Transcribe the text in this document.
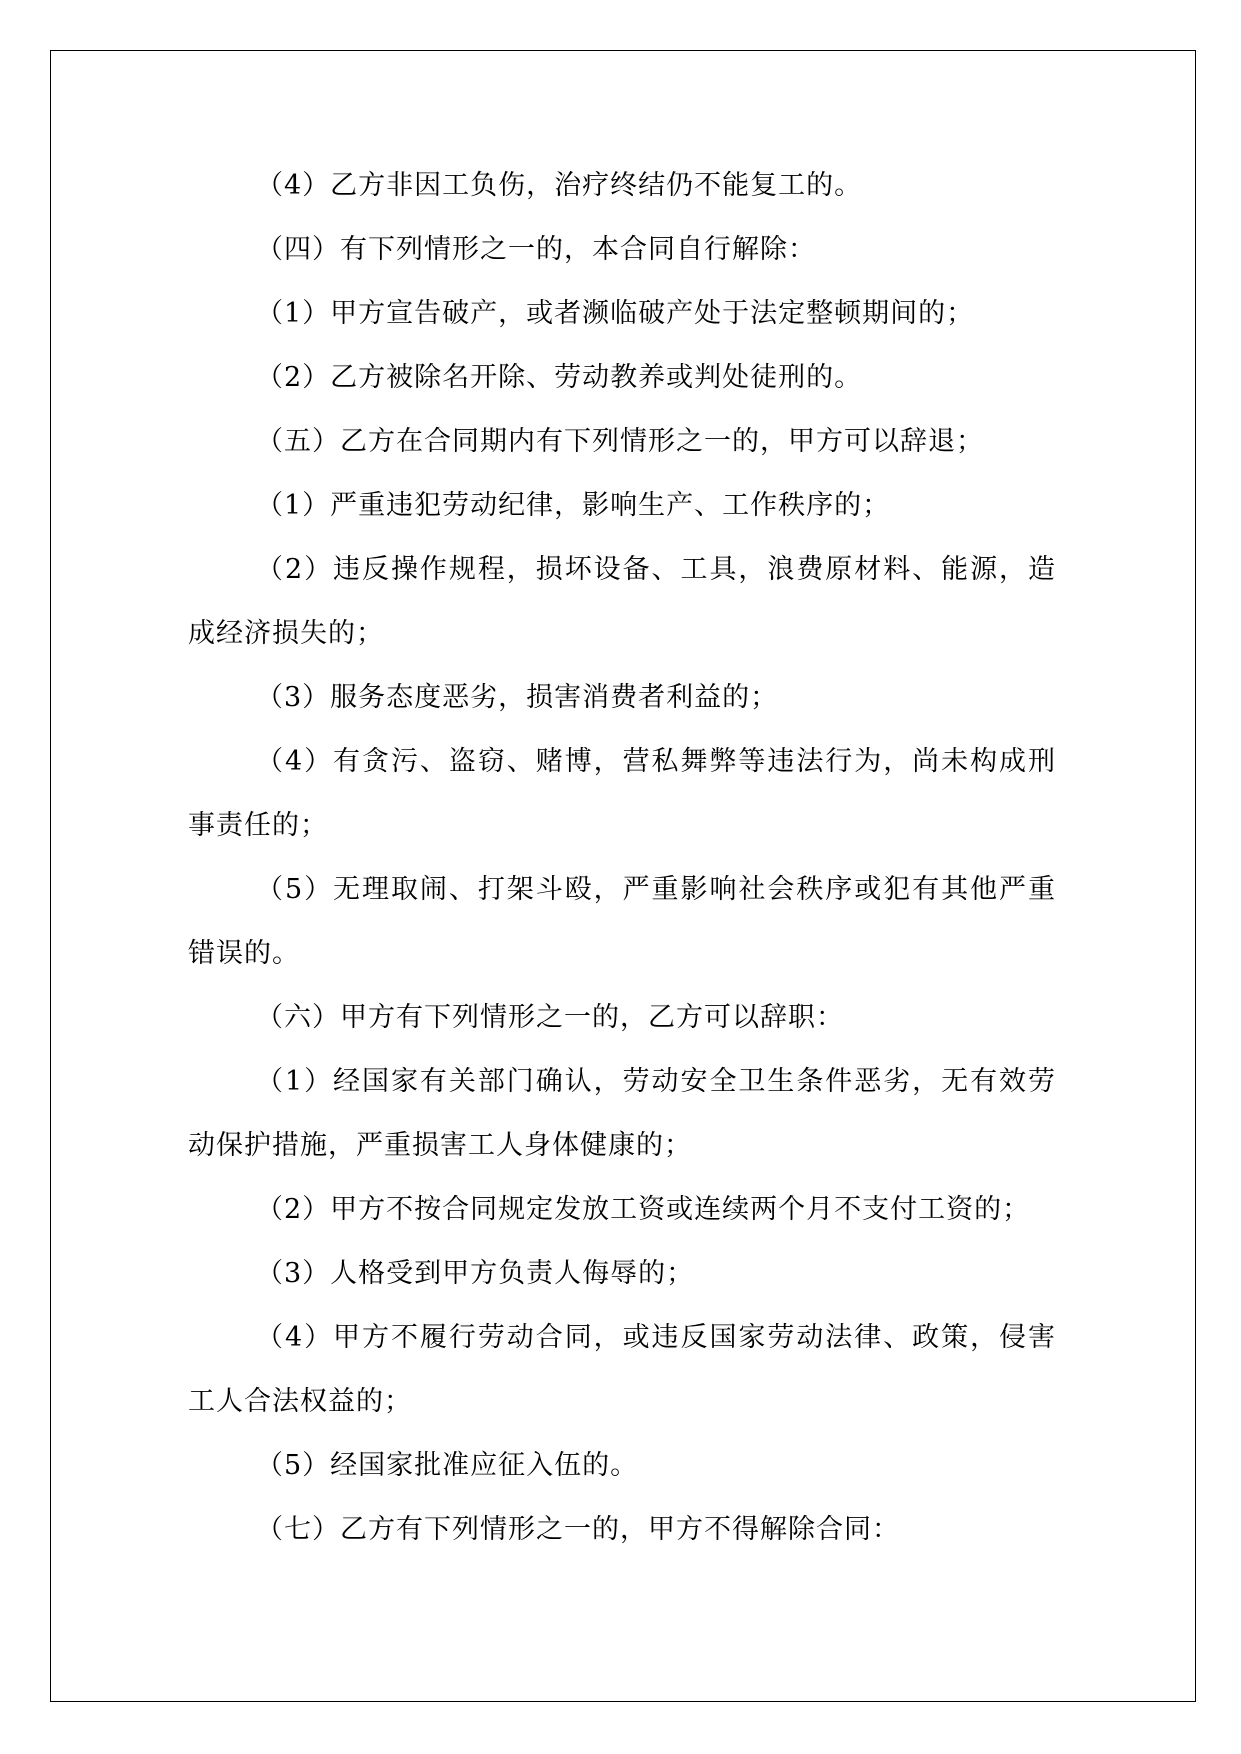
（4）乙方非因工负伤，治疗终结仍不能复工的。

（四）有下列情形之一的，本合同自行解除：

（1）甲方宣告破产，或者濒临破产处于法定整顿期间的；

（2）乙方被除名开除、劳动教养或判处徒刑的。

（五）乙方在合同期内有下列情形之一的，甲方可以辞退；

（1）严重违犯劳动纪律，影响生产、工作秩序的；

（2）违反操作规程，损坏设备、工具，浪费原材料、能源，造成经济损失的；

（3）服务态度恶劣，损害消费者利益的；

（4）有贪污、盗窃、赌博，营私舞弊等违法行为，尚未构成刑事责任的；

（5）无理取闹、打架斗殴，严重影响社会秩序或犯有其他严重错误的。

（六）甲方有下列情形之一的，乙方可以辞职：

（1）经国家有关部门确认，劳动安全卫生条件恶劣，无有效劳动保护措施，严重损害工人身体健康的；

（2）甲方不按合同规定发放工资或连续两个月不支付工资的；

（3）人格受到甲方负责人侮辱的；

（4）甲方不履行劳动合同，或违反国家劳动法律、政策，侵害工人合法权益的；

（5）经国家批准应征入伍的。

（七）乙方有下列情形之一的，甲方不得解除合同：
